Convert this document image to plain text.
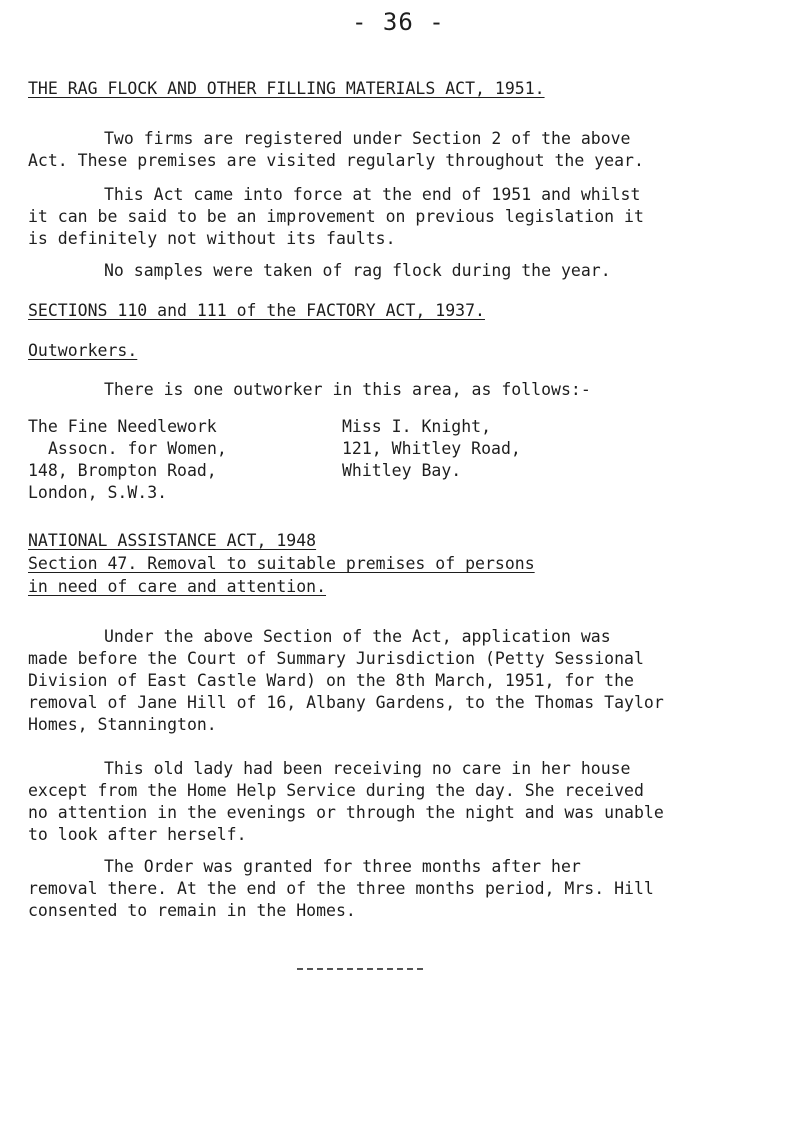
- 36 -
THE RAG FLOCK AND OTHER FILLING MATERIALS ACT, 1951.

Two firms are registered under Section 2 of the above

Act. These premises are visited regularly throughout the year.

This Act came into force at the end of 1951 and whilst

it can be said to be an improvement on previous legislation it

is definitely not without its faults.

No samples were taken of rag flock during the year.
SECTIONS 110 and 111 of the FACTORY ACT, 1937.
Outworkers.
There is one outworker in this area, as follows:-

The Fine Needlework

Assocn. for Women,

148, Brompton Road,

London, S.W.3.

Miss I. Knight,

121, Whitley Road,

Whitley Bay.

NATIONAL ASSISTANCE ACT, 1948
Section 47. Removal to suitable premises of persons
in need of care and attention.

Under the above Section of the Act, application was

made before the Court of Summary Jurisdiction (Petty Sessional

Division of East Castle Ward) on the 8th March, 1951, for the

removal of Jane Hill of 16, Albany Gardens, to the Thomas Taylor

Homes, Stannington.

This old lady had been receiving no care in her house

except from the Home Help Service during the day. She received

no attention in the evenings or through the night and was unable

to look after herself.

The Order was granted for three months after her

removal there. At the end of the three months period, Mrs. Hill

consented to remain in the Homes.
